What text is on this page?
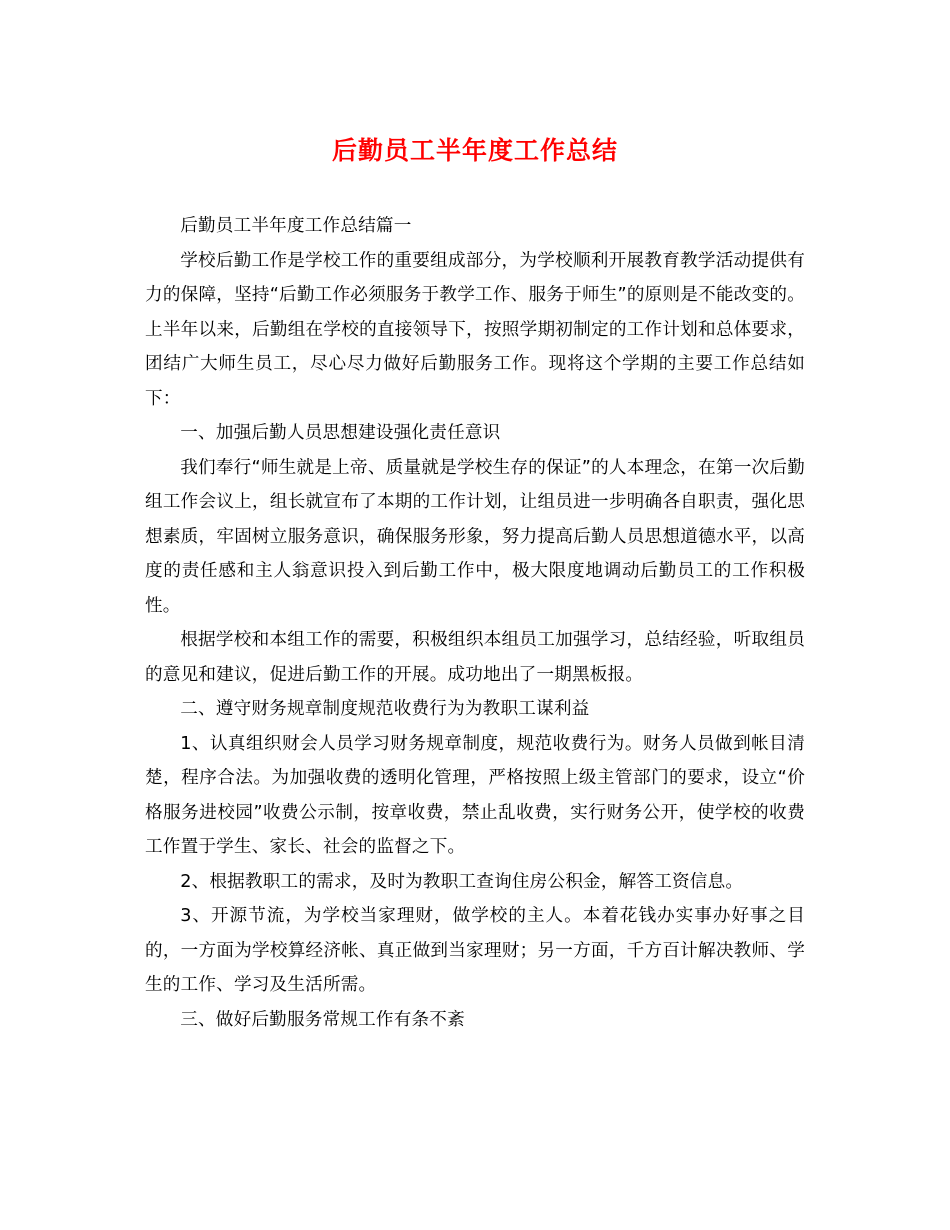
后勤员工半年度工作总结

后勤员工半年度工作总结篇一

学校后勤工作是学校工作的重要组成部分，为学校顺利开展教育教学活动提供有力的保障，坚持“后勤工作必须服务于教学工作、服务于师生”的原则是不能改变的。上半年以来，后勤组在学校的直接领导下，按照学期初制定的工作计划和总体要求，团结广大师生员工，尽心尽力做好后勤服务工作。现将这个学期的主要工作总结如下：

一、加强后勤人员思想建设强化责任意识

我们奉行“师生就是上帝、质量就是学校生存的保证”的人本理念，在第一次后勤组工作会议上，组长就宣布了本期的工作计划，让组员进一步明确各自职责，强化思想素质，牢固树立服务意识，确保服务形象，努力提高后勤人员思想道德水平，以高度的责任感和主人翁意识投入到后勤工作中，极大限度地调动后勤员工的工作积极性。

根据学校和本组工作的需要，积极组织本组员工加强学习，总结经验，听取组员的意见和建议，促进后勤工作的开展。成功地出了一期黑板报。

二、遵守财务规章制度规范收费行为为教职工谋利益

1、认真组织财会人员学习财务规章制度，规范收费行为。财务人员做到帐目清楚，程序合法。为加强收费的透明化管理，严格按照上级主管部门的要求，设立“价格服务进校园”收费公示制，按章收费，禁止乱收费，实行财务公开，使学校的收费工作置于学生、家长、社会的监督之下。

2、根据教职工的需求，及时为教职工查询住房公积金，解答工资信息。

3、开源节流，为学校当家理财，做学校的主人。本着花钱办实事办好事之目的，一方面为学校算经济帐、真正做到当家理财；另一方面，千方百计解决教师、学生的工作、学习及生活所需。

三、做好后勤服务常规工作有条不紊
